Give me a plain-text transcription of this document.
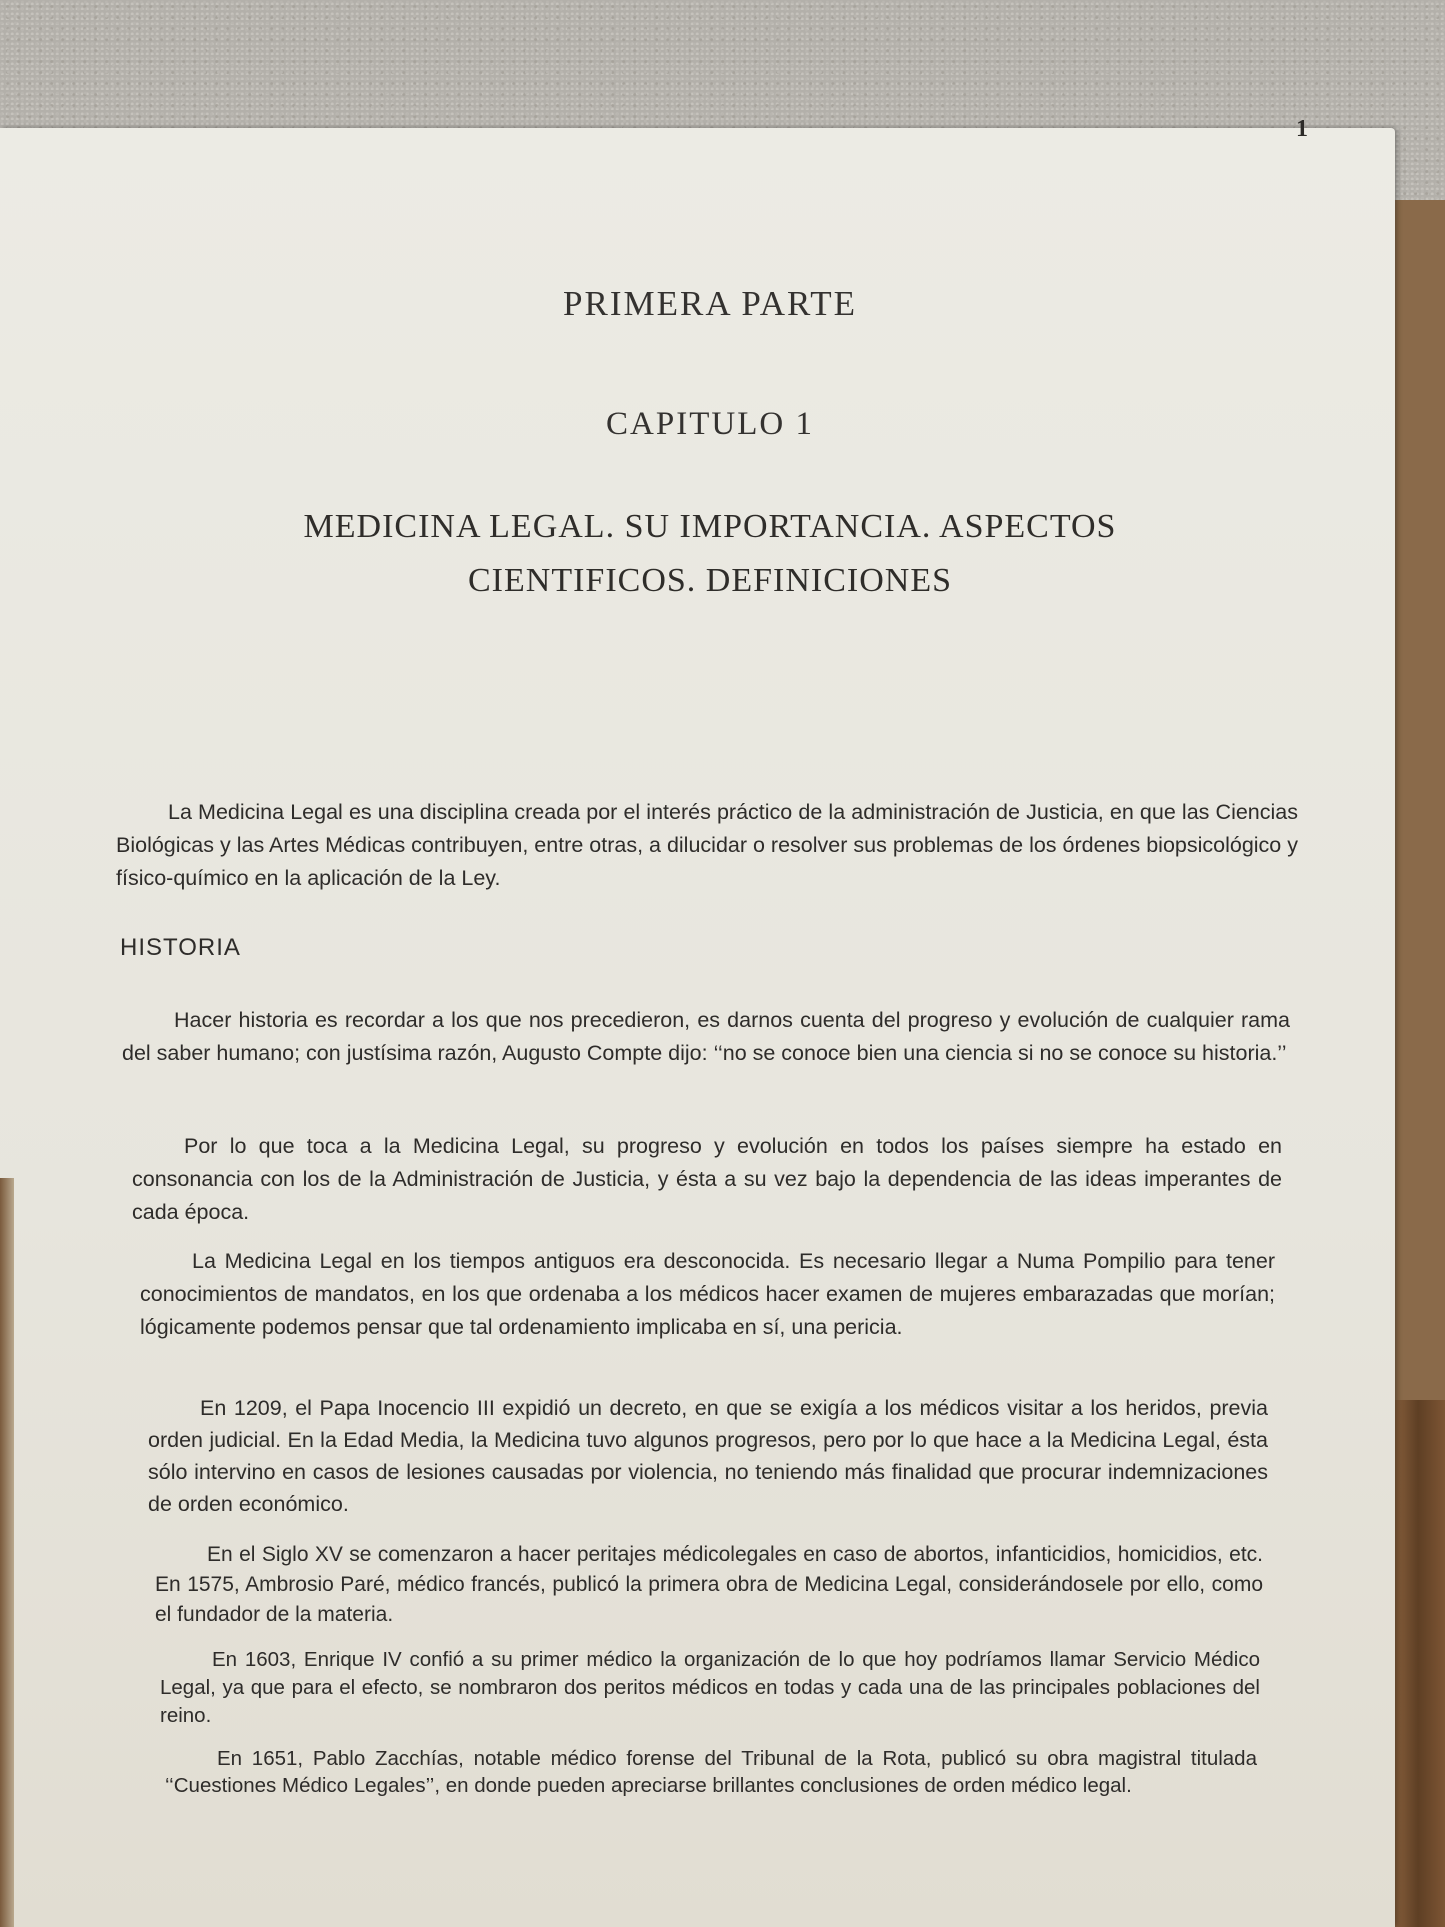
1
PRIMERA PARTE
CAPITULO 1
MEDICINA LEGAL. SU IMPORTANCIA. ASPECTOS
CIENTIFICOS. DEFINICIONES

La Medicina Legal es una disciplina creada por el interés práctico de la administración de Justicia, en que las Ciencias Biológicas y las Artes Médicas contribuyen, entre otras, a dilucidar o resolver sus problemas de los órdenes biopsicológico y físico-químico en la aplicación de la Ley.

HISTORIA

Hacer historia es recordar a los que nos precedieron, es darnos cuenta del progreso y evolución de cualquier rama del saber humano; con justísima razón, Augusto Compte dijo: ‘‘no se conoce bien una ciencia si no se conoce su historia.’’

Por lo que toca a la Medicina Legal, su progreso y evolución en todos los países siempre ha estado en consonancia con los de la Administración de Justicia, y ésta a su vez bajo la dependencia de las ideas imperantes de cada época.

La Medicina Legal en los tiempos antiguos era desconocida. Es necesario llegar a Numa Pompilio para tener conocimientos de mandatos, en los que ordenaba a los médicos hacer examen de mujeres embarazadas que morían; lógicamente podemos pensar que tal ordenamiento implicaba en sí, una pericia.

En 1209, el Papa Inocencio III expidió un decreto, en que se exigía a los médicos visitar a los heridos, previa orden judicial. En la Edad Media, la Medicina tuvo algunos progresos, pero por lo que hace a la Medicina Legal, ésta sólo intervino en casos de lesiones causadas por violencia, no teniendo más finalidad que procurar indemnizaciones de orden económico.

En el Siglo XV se comenzaron a hacer peritajes médicolegales en caso de abortos, infanticidios, homicidios, etc. En 1575, Ambrosio Paré, médico francés, publicó la primera obra de Medicina Legal, considerándosele por ello, como el fundador de la materia.

En 1603, Enrique IV confió a su primer médico la organización de lo que hoy podríamos llamar Servicio Médico Legal, ya que para el efecto, se nombraron dos peritos médicos en todas y cada una de las principales poblaciones del reino.

En 1651, Pablo Zacchías, notable médico forense del Tribunal de la Rota, publicó su obra magistral titulada ‘‘Cuestiones Médico Legales’’, en donde pueden apreciarse brillantes conclusiones de orden médico legal.
